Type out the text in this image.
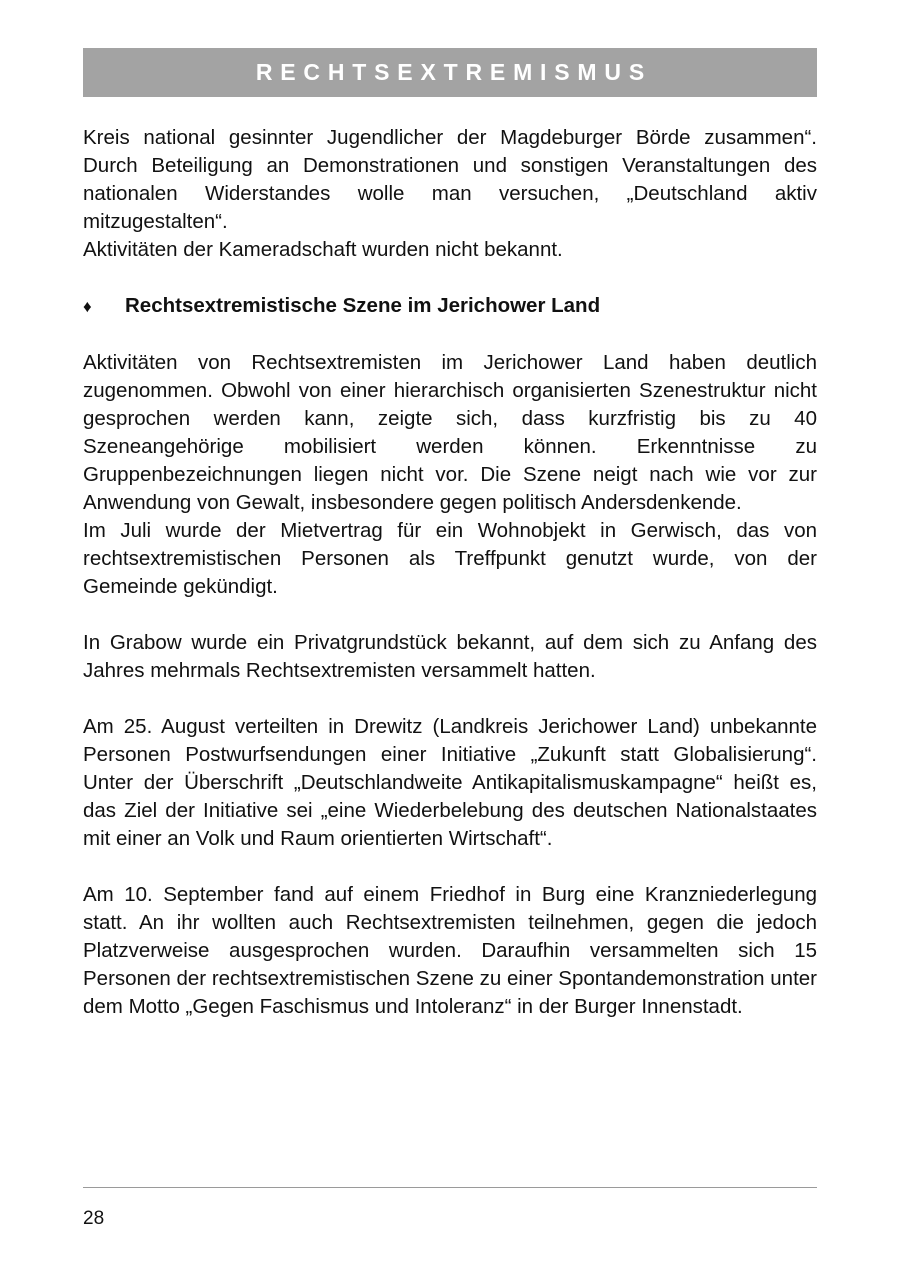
RECHTSEXTREMISMUS

Kreis national gesinnter Jugendlicher der Magdeburger Börde zusammen“. Durch Beteiligung an Demonstrationen und sonstigen Veranstaltungen des nationalen Widerstandes wolle man versuchen, „Deutschland aktiv mitzugestalten“.

Aktivitäten der Kameradschaft wurden nicht bekannt.

♦	Rechtsextremistische Szene im Jerichower Land

Aktivitäten von Rechtsextremisten im Jerichower Land haben deutlich zugenommen. Obwohl von einer hierarchisch organisierten Szenestruktur nicht gesprochen werden kann, zeigte sich, dass kurzfristig bis zu 40 Szeneangehörige mobilisiert werden können. Erkenntnisse zu Gruppenbezeichnungen liegen nicht vor. Die Szene neigt nach wie vor zur Anwendung von Gewalt, insbesondere gegen politisch Andersdenkende.

Im Juli wurde der Mietvertrag für ein Wohnobjekt in Gerwisch, das von rechtsextremistischen Personen als Treffpunkt genutzt wurde, von der Gemeinde gekündigt.

In Grabow wurde ein Privatgrundstück bekannt, auf dem sich zu Anfang des Jahres mehrmals Rechtsextremisten versammelt hatten.

Am 25. August verteilten in Drewitz (Landkreis Jerichower Land) unbekannte Personen Postwurfsendungen einer Initiative „Zukunft statt Globalisierung“. Unter der Überschrift „Deutschlandweite Antikapitalismuskampagne“ heißt es, das Ziel der Initiative sei „eine Wiederbelebung des deutschen Nationalstaates mit einer an Volk und Raum orientierten Wirtschaft“.

Am 10. September fand auf einem Friedhof in Burg eine Kranzniederlegung statt. An ihr wollten auch Rechtsextremisten teilnehmen, gegen die jedoch Platzverweise ausgesprochen wurden. Daraufhin versammelten sich 15 Personen der rechtsextremistischen Szene zu einer Spontandemonstration unter dem Motto „Gegen Faschismus und Intoleranz“ in der Burger Innenstadt.

28
